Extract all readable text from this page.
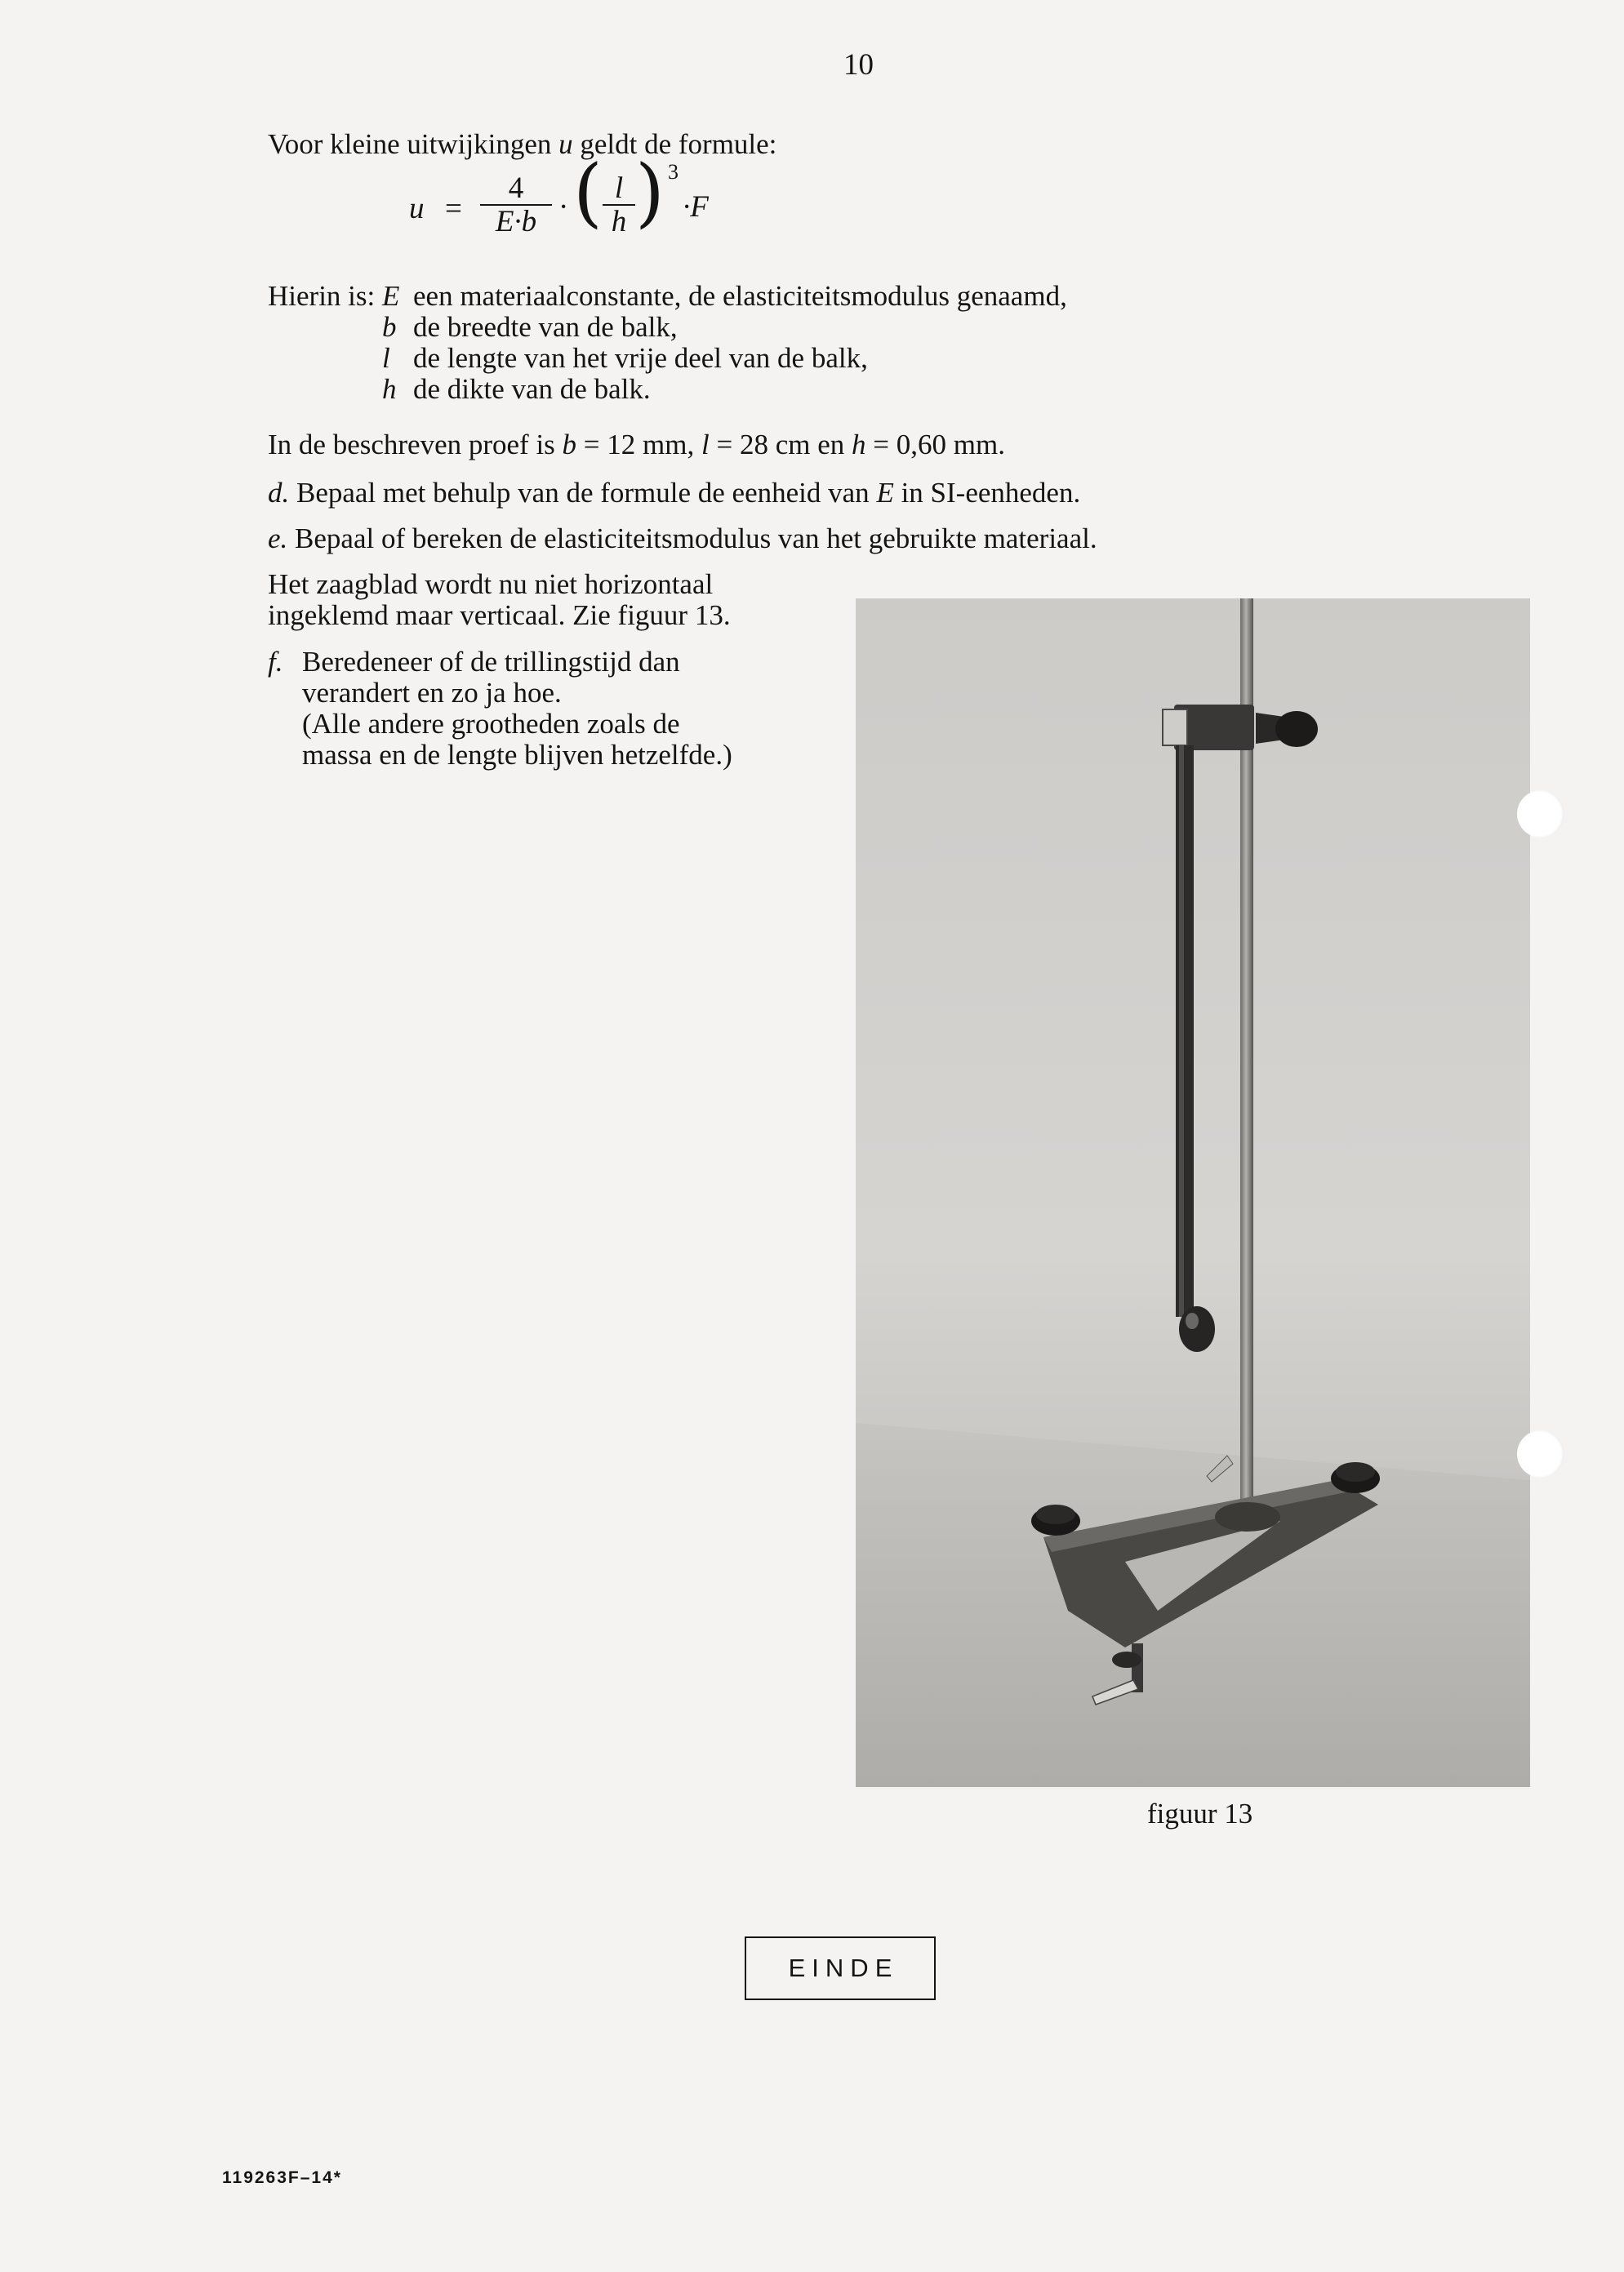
10
Voor kleine uitwijkingen u geldt de formule:
u =
4
E·b · ( l
h ) 3
·F
Hierin is: E een materiaalconstante, de elasticiteitsmodulus genaamd,
b de breedte van de balk,
l de lengte van het vrije deel van de balk,
h de dikte van de balk.
In de beschreven proef is b = 12 mm, l = 28 cm en h = 0,60 mm.
d. Bepaal met behulp van de formule de eenheid van E in SI-eenheden.
e. Bepaal of bereken de elasticiteitsmodulus van het gebruikte materiaal.
Het zaagblad wordt nu niet horizontaal
ingeklemd maar verticaal. Zie figuur 13.
f. Beredeneer of de trillingstijd dan
verandert en zo ja hoe.
(Alle andere grootheden zoals de
massa en de lengte blijven hetzelfde.)
figuur 13
EINDE
119263F–14*
